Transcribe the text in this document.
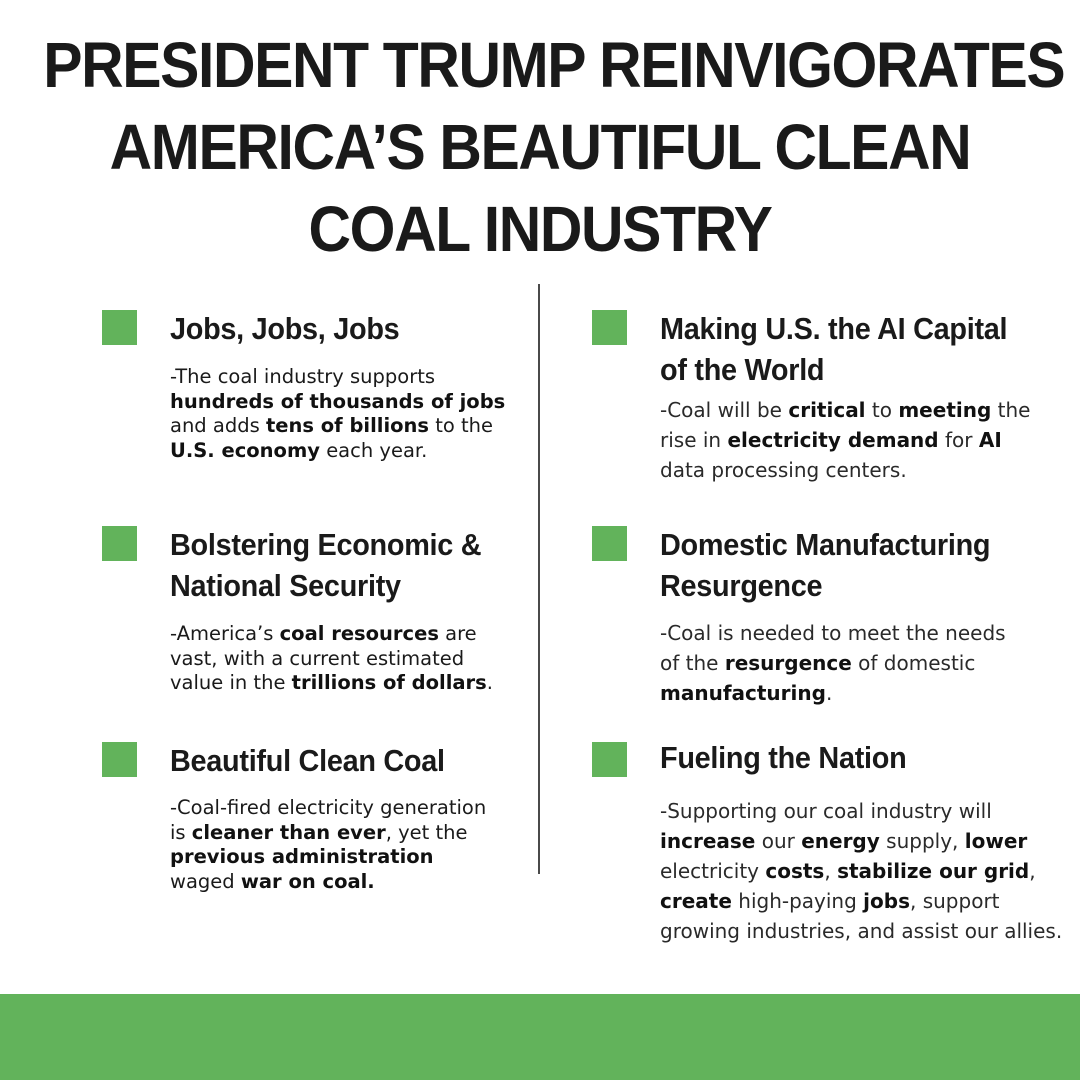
PRESIDENT TRUMP REINVIGORATES
AMERICA’S BEAUTIFUL CLEAN
COAL INDUSTRY
Jobs, Jobs, Jobs
-The coal industry supports hundreds of thousands of jobs and adds tens of billions to the U.S. economy each year.
Bolstering Economic &
National Security
-America’s coal resources are vast, with a current estimated value in the trillions of dollars.
Beautiful Clean Coal
-Coal-fired electricity generation is cleaner than ever, yet the previous administration waged war on coal.
Making U.S. the AI Capital
of the World
-Coal will be critical to meeting the rise in electricity demand for AI data processing centers.
Domestic Manufacturing
Resurgence
-Coal is needed to meet the needs of the resurgence of domestic manufacturing.
Fueling the Nation
-Supporting our coal industry will increase our energy supply, lower electricity costs, stabilize our grid, create high-paying jobs, support growing industries, and assist our allies.
